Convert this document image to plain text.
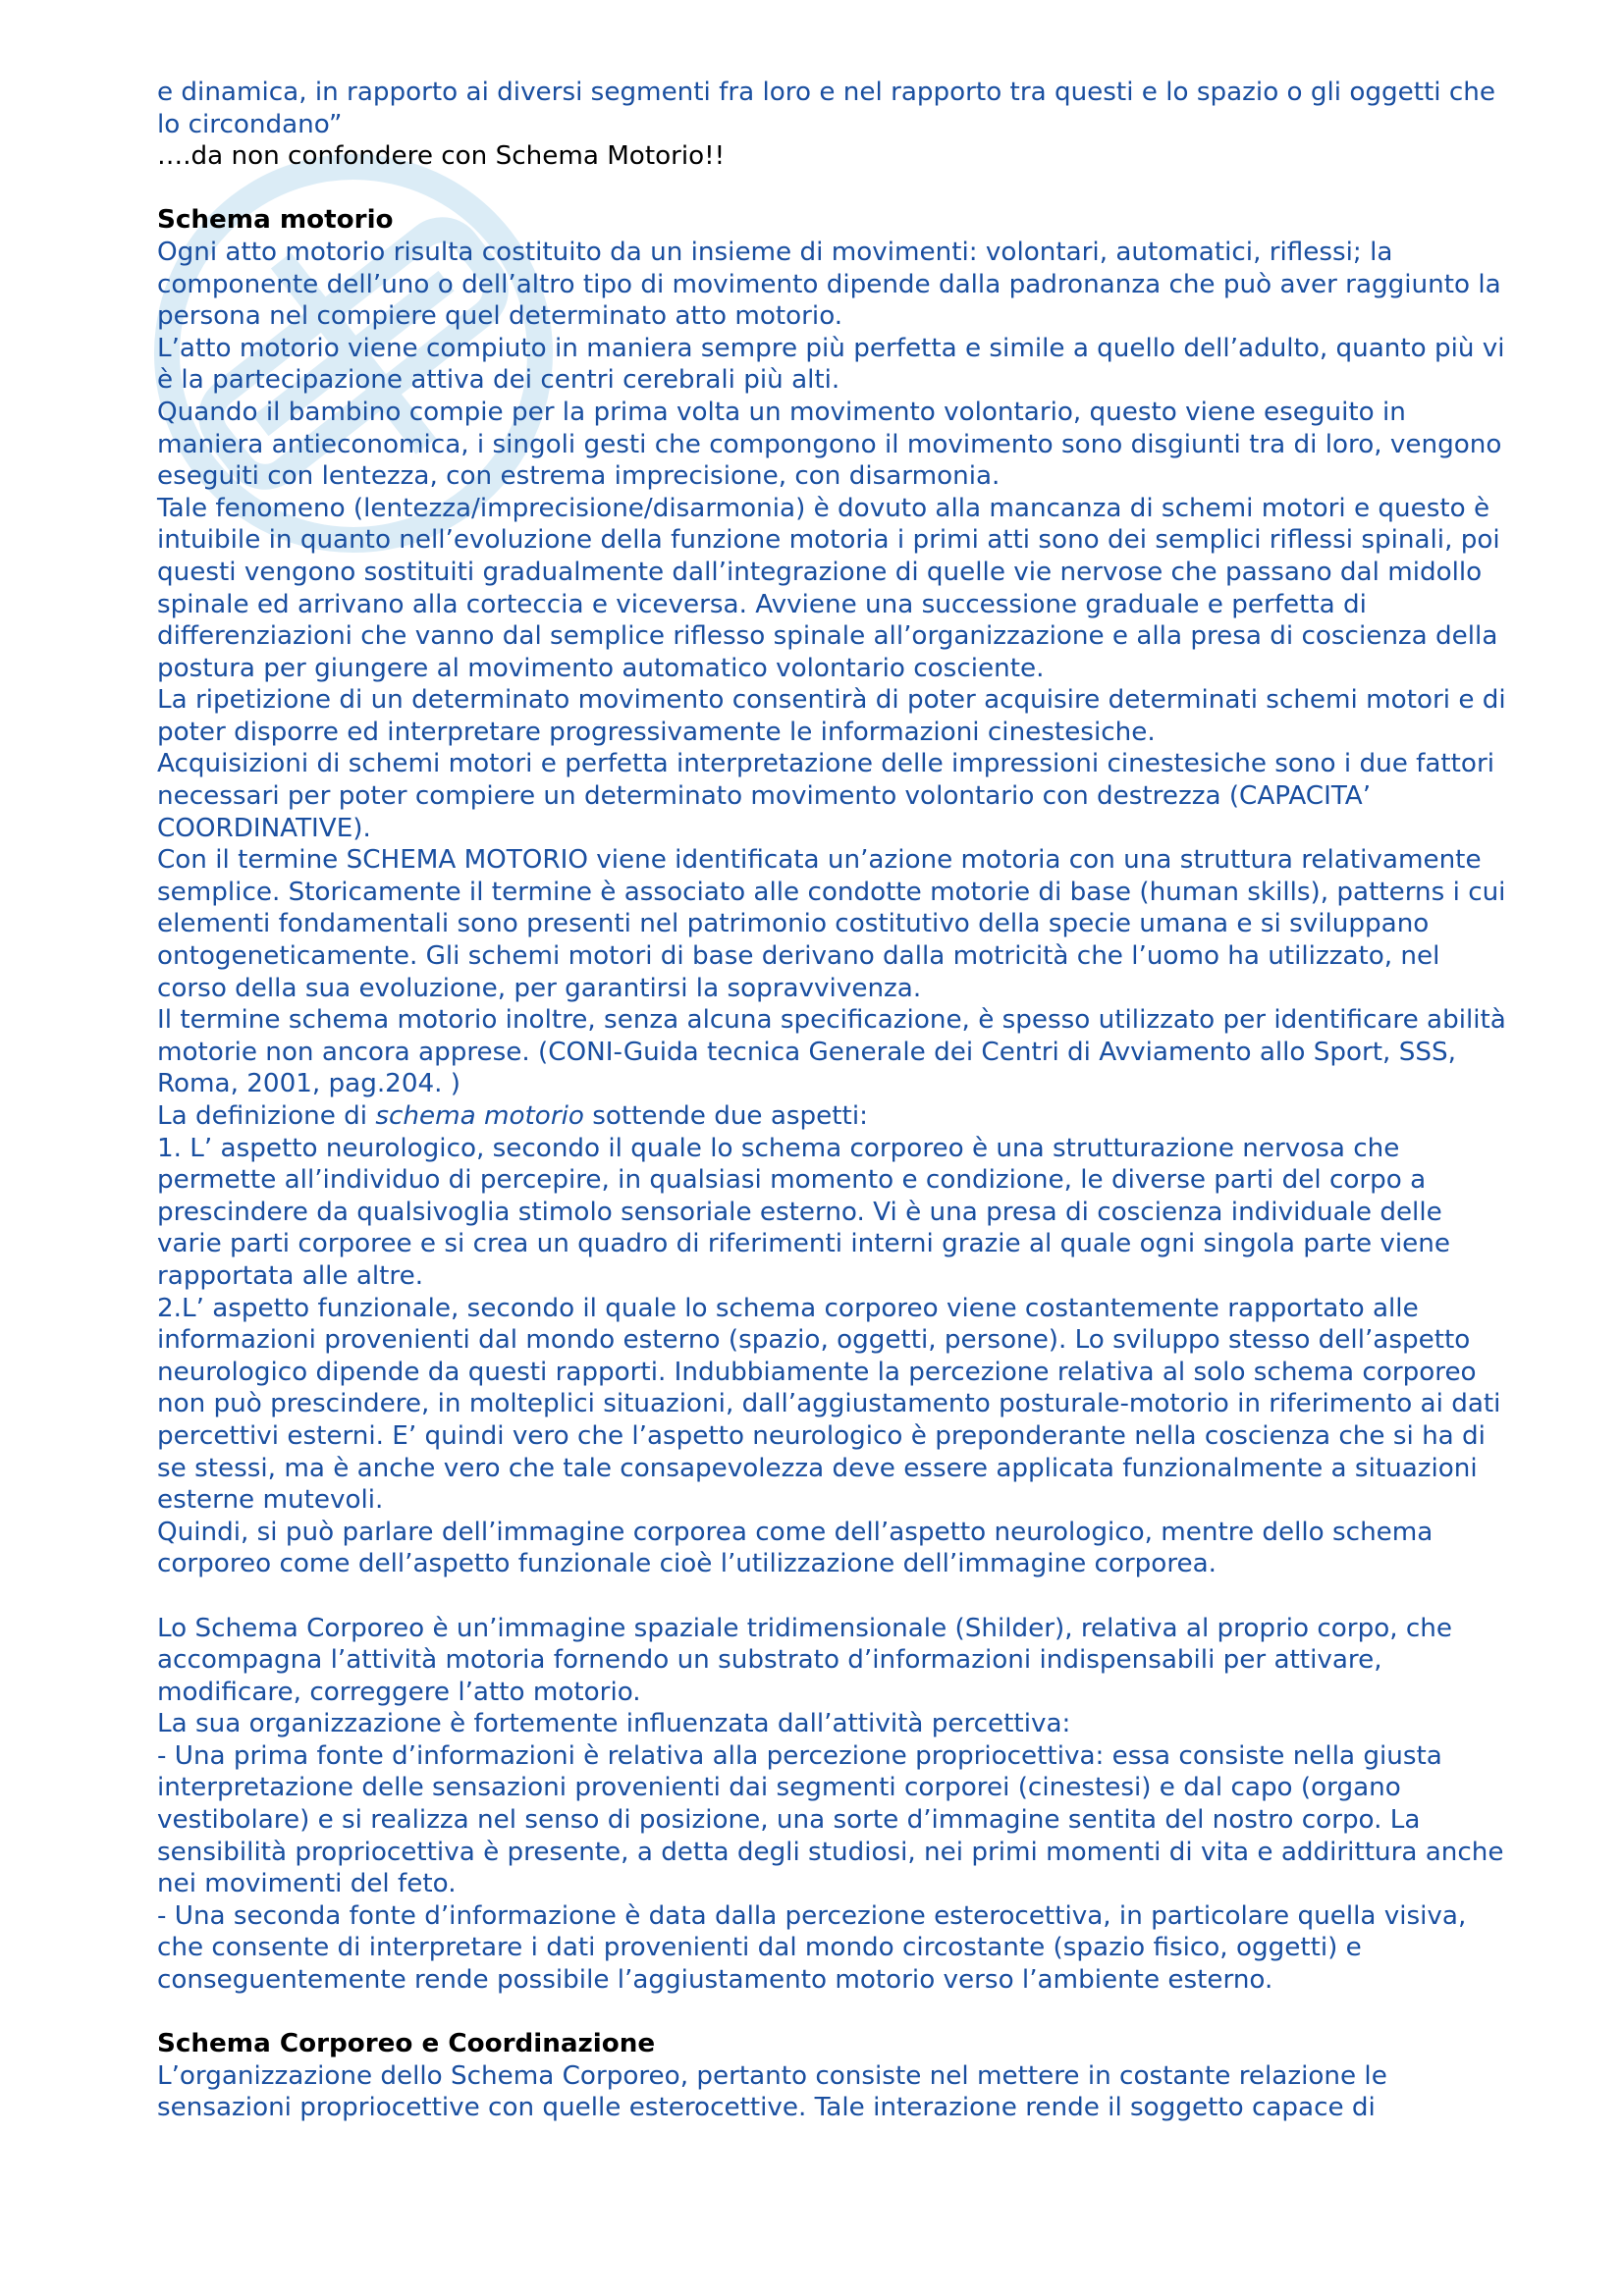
e dinamica, in rapporto ai diversi segmenti fra loro e nel rapporto tra questi e lo spazio o gli oggetti che lo circondano”

….da non confondere con Schema Motorio!!

Schema motorio

Ogni atto motorio risulta costituito da un insieme di movimenti: volontari, automatici, riflessi; la componente dell’uno o dell’altro tipo di movimento dipende dalla padronanza che può aver raggiunto la persona nel compiere quel determinato atto motorio.

L’atto motorio viene compiuto in maniera sempre più perfetta e simile a quello dell’adulto, quanto più vi è la partecipazione attiva dei centri cerebrali più alti.

Quando il bambino compie per la prima volta un movimento volontario, questo viene eseguito in maniera antieconomica, i singoli gesti che compongono il movimento sono disgiunti tra di loro, vengono eseguiti con lentezza, con estrema imprecisione, con disarmonia.

Tale fenomeno (lentezza/imprecisione/disarmonia) è dovuto alla mancanza di schemi motori e questo è intuibile in quanto nell’evoluzione della funzione motoria i primi atti sono dei semplici riflessi spinali, poi questi vengono sostituiti gradualmente dall’integrazione di quelle vie nervose che passano dal midollo spinale ed arrivano alla corteccia e viceversa. Avviene una successione graduale e perfetta di differenziazioni che vanno dal semplice riflesso spinale all’organizzazione e alla presa di coscienza della postura per giungere al movimento automatico volontario cosciente.

La ripetizione di un determinato movimento consentirà di poter acquisire determinati schemi motori e di poter disporre ed interpretare progressivamente le informazioni cinestesiche.

Acquisizioni di schemi motori e perfetta interpretazione delle impressioni cinestesiche sono i due fattori necessari per poter compiere un determinato movimento volontario con destrezza (CAPACITA’ COORDINATIVE).

Con il termine SCHEMA MOTORIO viene identificata un’azione motoria con una struttura relativamente semplice. Storicamente il termine è associato alle condotte motorie di base (human skills), patterns i cui elementi fondamentali sono presenti nel patrimonio costitutivo della specie umana e si sviluppano ontogeneticamente. Gli schemi motori di base derivano dalla motricità che l’uomo ha utilizzato, nel corso della sua evoluzione, per garantirsi la sopravvivenza.

Il termine schema motorio inoltre, senza alcuna specificazione, è spesso utilizzato per identificare abilità motorie non ancora apprese. (CONI-Guida tecnica Generale dei Centri di Avviamento allo Sport, SSS, Roma, 2001, pag.204. )

La definizione di schema motorio sottende due aspetti:

1. L’ aspetto neurologico, secondo il quale lo schema corporeo è una strutturazione nervosa che permette all’individuo di percepire, in qualsiasi momento e condizione, le diverse parti del corpo a prescindere da qualsivoglia stimolo sensoriale esterno. Vi è una presa di coscienza individuale delle varie parti corporee e si crea un quadro di riferimenti interni grazie al quale ogni singola parte viene rapportata alle altre.

2.L’ aspetto funzionale, secondo il quale lo schema corporeo viene costantemente rapportato alle informazioni provenienti dal mondo esterno (spazio, oggetti, persone). Lo sviluppo stesso dell’aspetto neurologico dipende da questi rapporti. Indubbiamente la percezione relativa al solo schema corporeo non può prescindere, in molteplici situazioni, dall’aggiustamento posturale-motorio in riferimento ai dati percettivi esterni. E’ quindi vero che l’aspetto neurologico è preponderante nella coscienza che si ha di se stessi, ma è anche vero che tale consapevolezza deve essere applicata funzionalmente a situazioni esterne mutevoli.

Quindi, si può parlare dell’immagine corporea come dell’aspetto neurologico, mentre dello schema corporeo come dell’aspetto funzionale cioè l’utilizzazione dell’immagine corporea.

Lo Schema Corporeo è un’immagine spaziale tridimensionale (Shilder), relativa al proprio corpo, che accompagna l’attività motoria fornendo un substrato d’informazioni indispensabili per attivare, modificare, correggere l’atto motorio.

La sua organizzazione è fortemente influenzata dall’attività percettiva:

- Una prima fonte d’informazioni è relativa alla percezione propriocettiva: essa consiste nella giusta interpretazione delle sensazioni provenienti dai segmenti corporei (cinestesi) e dal capo (organo vestibolare) e si realizza nel senso di posizione, una sorte d’immagine sentita del nostro corpo. La sensibilità propriocettiva è presente, a detta degli studiosi, nei primi momenti di vita e addirittura anche nei movimenti del feto.

- Una seconda fonte d’informazione è data dalla percezione esterocettiva, in particolare quella visiva, che consente di interpretare i dati provenienti dal mondo circostante (spazio fisico, oggetti) e conseguentemente rende possibile l’aggiustamento motorio verso l’ambiente esterno.

Schema Corporeo e Coordinazione

L’organizzazione dello Schema Corporeo, pertanto consiste nel mettere in costante relazione le sensazioni propriocettive con quelle esterocettive. Tale interazione rende il soggetto capace di
